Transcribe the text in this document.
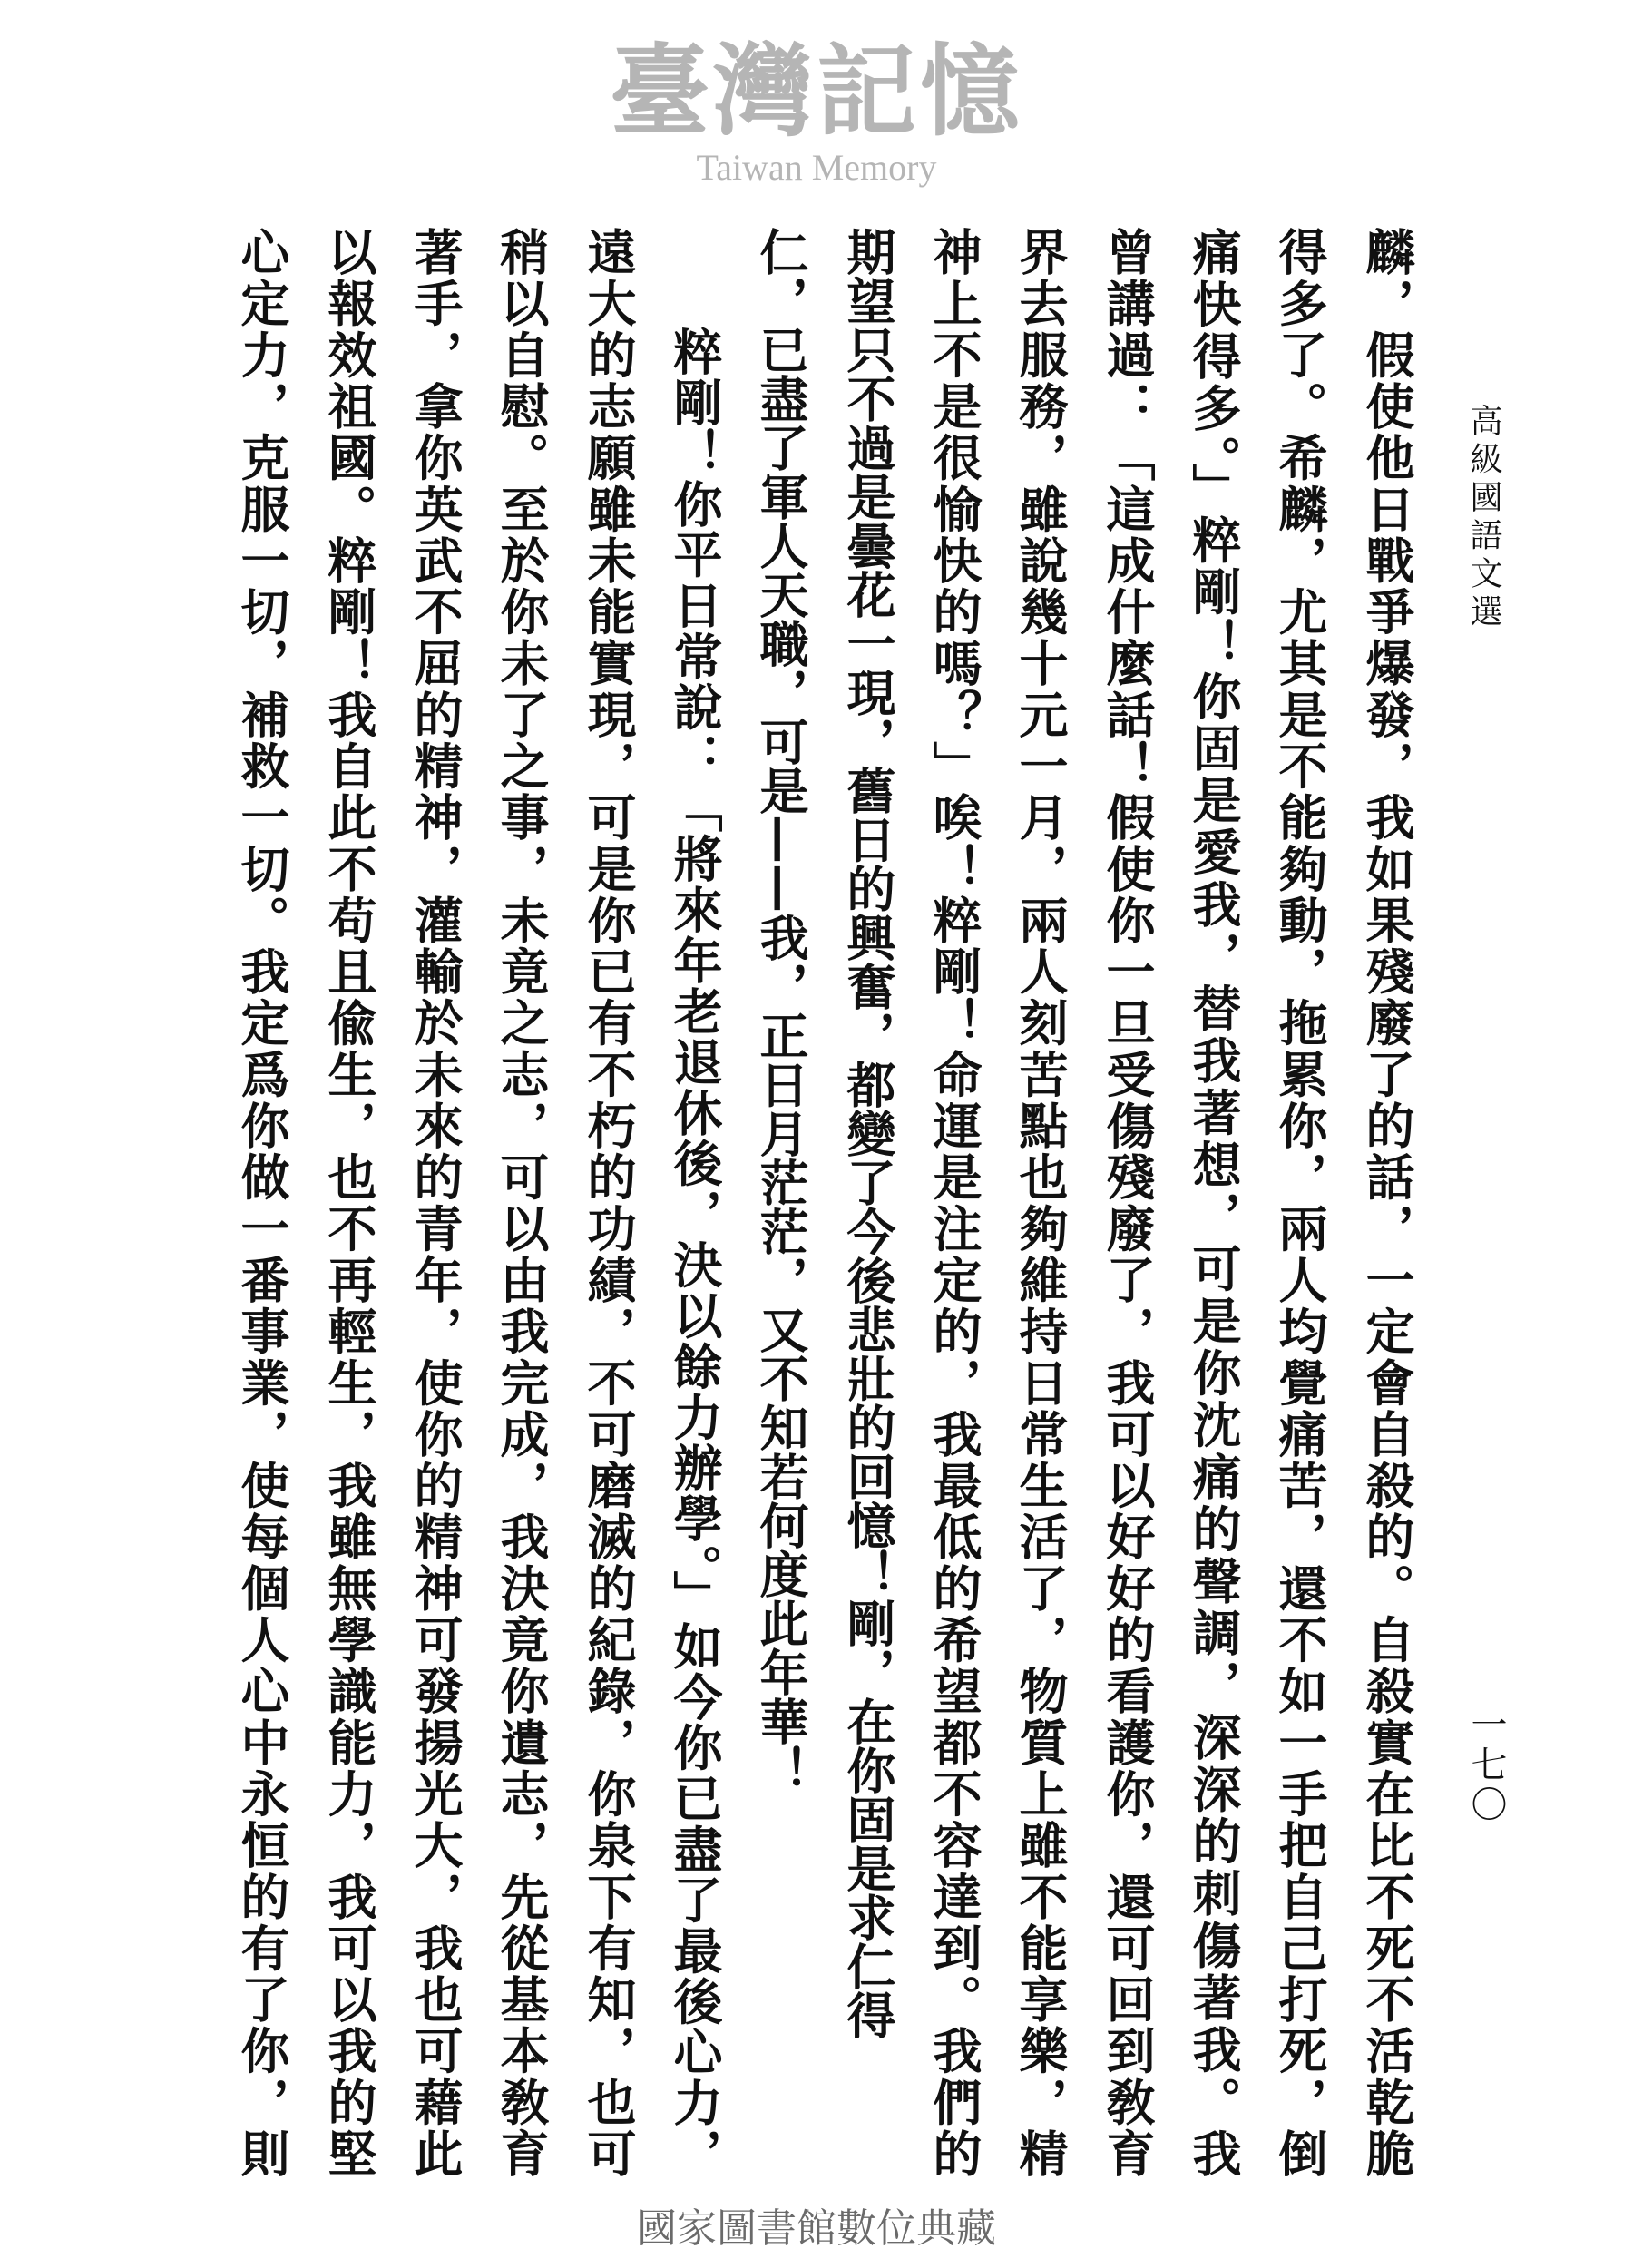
高級國語文選
一七〇
麟，假使他日戰爭爆發，我如果殘廢了的話，一定會自殺的。自殺實在比不死不活乾脆
得多了。希麟，尤其是不能夠動，拖累你，兩人均覺痛苦，還不如一手把自己打死，倒
痛快得多。」粹剛！你固是愛我，替我著想，可是你沈痛的聲調，深深的刺傷著我。我
曾講過：「這成什麼話！假使你一旦受傷殘廢了，我可以好好的看護你，還可回到敎育
界去服務，雖說幾十元一月，兩人刻苦點也夠維持日常生活了，物質上雖不能享樂，精
神上不是很愉快的嗎？」唉！粹剛！命運是注定的，我最低的希望都不容達到。我們的
期望只不過是曇花一現，舊日的興奮，都變了今後悲壯的回憶！剛，在你固是求仁得
仁，已盡了軍人天職，可是——我，正日月茫茫，又不知若何度此年華！
粹剛！你平日常說：「將來年老退休後，決以餘力辦學。」如今你已盡了最後心力，
遠大的志願雖未能實現，可是你已有不朽的功績，不可磨滅的紀錄，你泉下有知，也可
稍以自慰。至於你未了之事，未竟之志，可以由我完成，我決竟你遺志，先從基本敎育
著手，拿你英武不屈的精神，灌輸於未來的青年，使你的精神可發揚光大，我也可藉此
以報效祖國。粹剛！我自此不苟且偸生，也不再輕生，我雖無學識能力，我可以我的堅
心定力，克服一切，補救一切。我定爲你做一番事業，使每個人心中永恒的有了你，則
臺灣記憶
Taiwan Memory
國家圖書館數位典藏
